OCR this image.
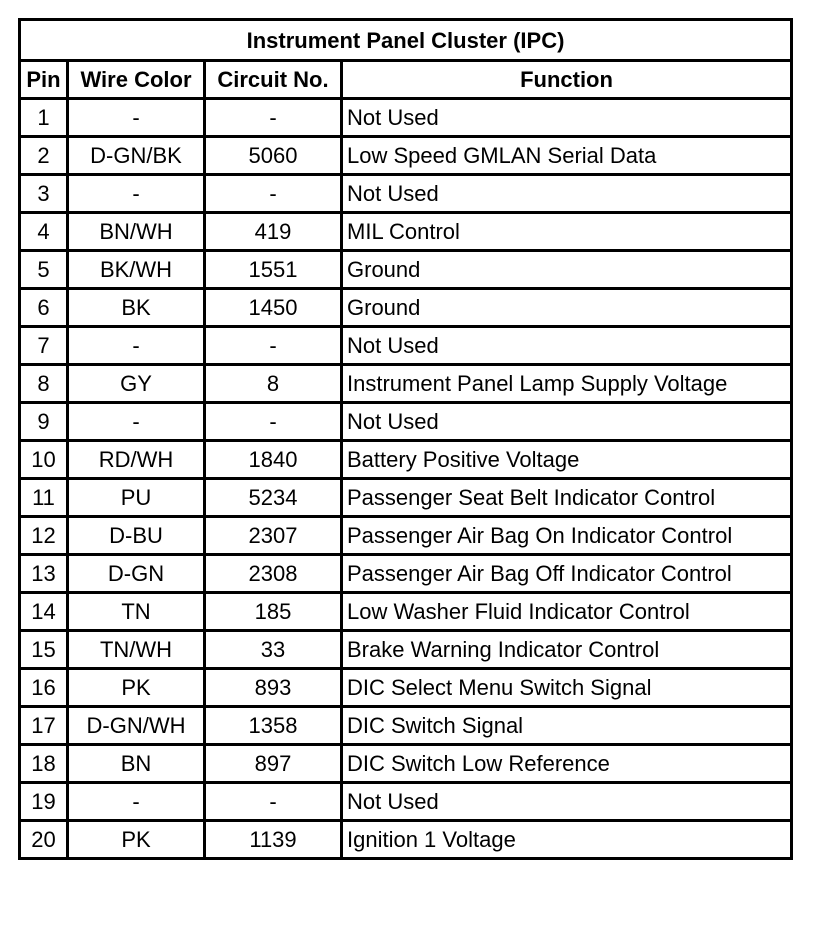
Instrument Panel Cluster (IPC)			
Pin	Wire Color	Circuit No.	Function
1	-	-	Not Used
2	D-GN/BK	5060	Low Speed GMLAN Serial Data
3	-	-	Not Used
4	BN/WH	419	MIL Control
5	BK/WH	1551	Ground
6	BK	1450	Ground
7	-	-	Not Used
8	GY	8	Instrument Panel Lamp Supply Voltage
9	-	-	Not Used
10	RD/WH	1840	Battery Positive Voltage
11	PU	5234	Passenger Seat Belt Indicator Control
12	D-BU	2307	Passenger Air Bag On Indicator Control
13	D-GN	2308	Passenger Air Bag Off Indicator Control
14	TN	185	Low Washer Fluid Indicator Control
15	TN/WH	33	Brake Warning Indicator Control
16	PK	893	DIC Select Menu Switch Signal
17	D-GN/WH	1358	DIC Switch Signal
18	BN	897	DIC Switch Low Reference
19	-	-	Not Used
20	PK	1139	Ignition 1 Voltage
